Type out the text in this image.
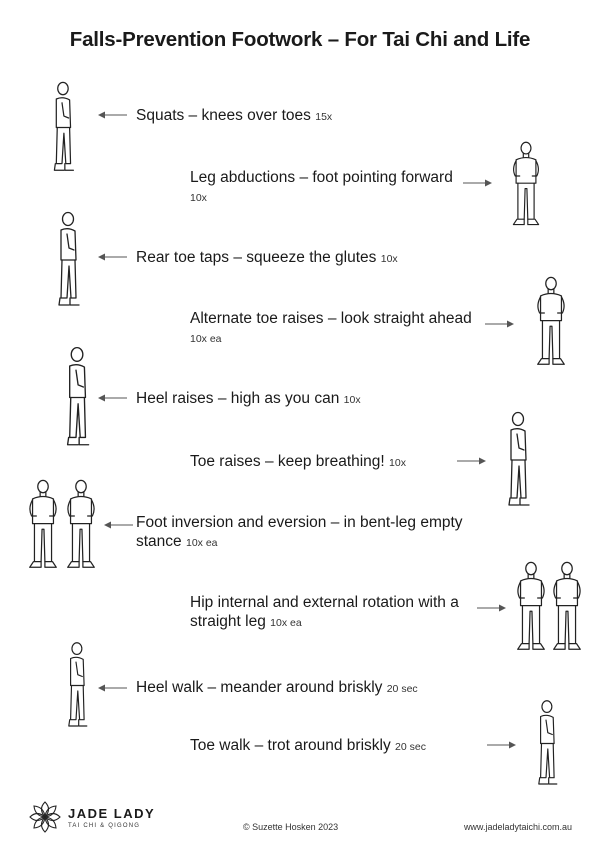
Falls-Prevention Footwork – For Tai Chi and Life
Squats – knees over toes 15x
Leg abductions – foot pointing forward 10x
Rear toe taps – squeeze the glutes 10x
Alternate toe raises – look straight ahead 10x ea
Heel raises – high as you can 10x
Toe raises – keep breathing! 10x
Foot inversion and eversion – in bent-leg empty stance 10x ea
Hip internal and external rotation with a straight leg 10x ea
Heel walk – meander around briskly 20 sec
Toe walk – trot around briskly 20 sec
JADE LADY
TAI CHI & QIGONG	© Suzette Hosken 2023	www.jadeladytaichi.com.au
